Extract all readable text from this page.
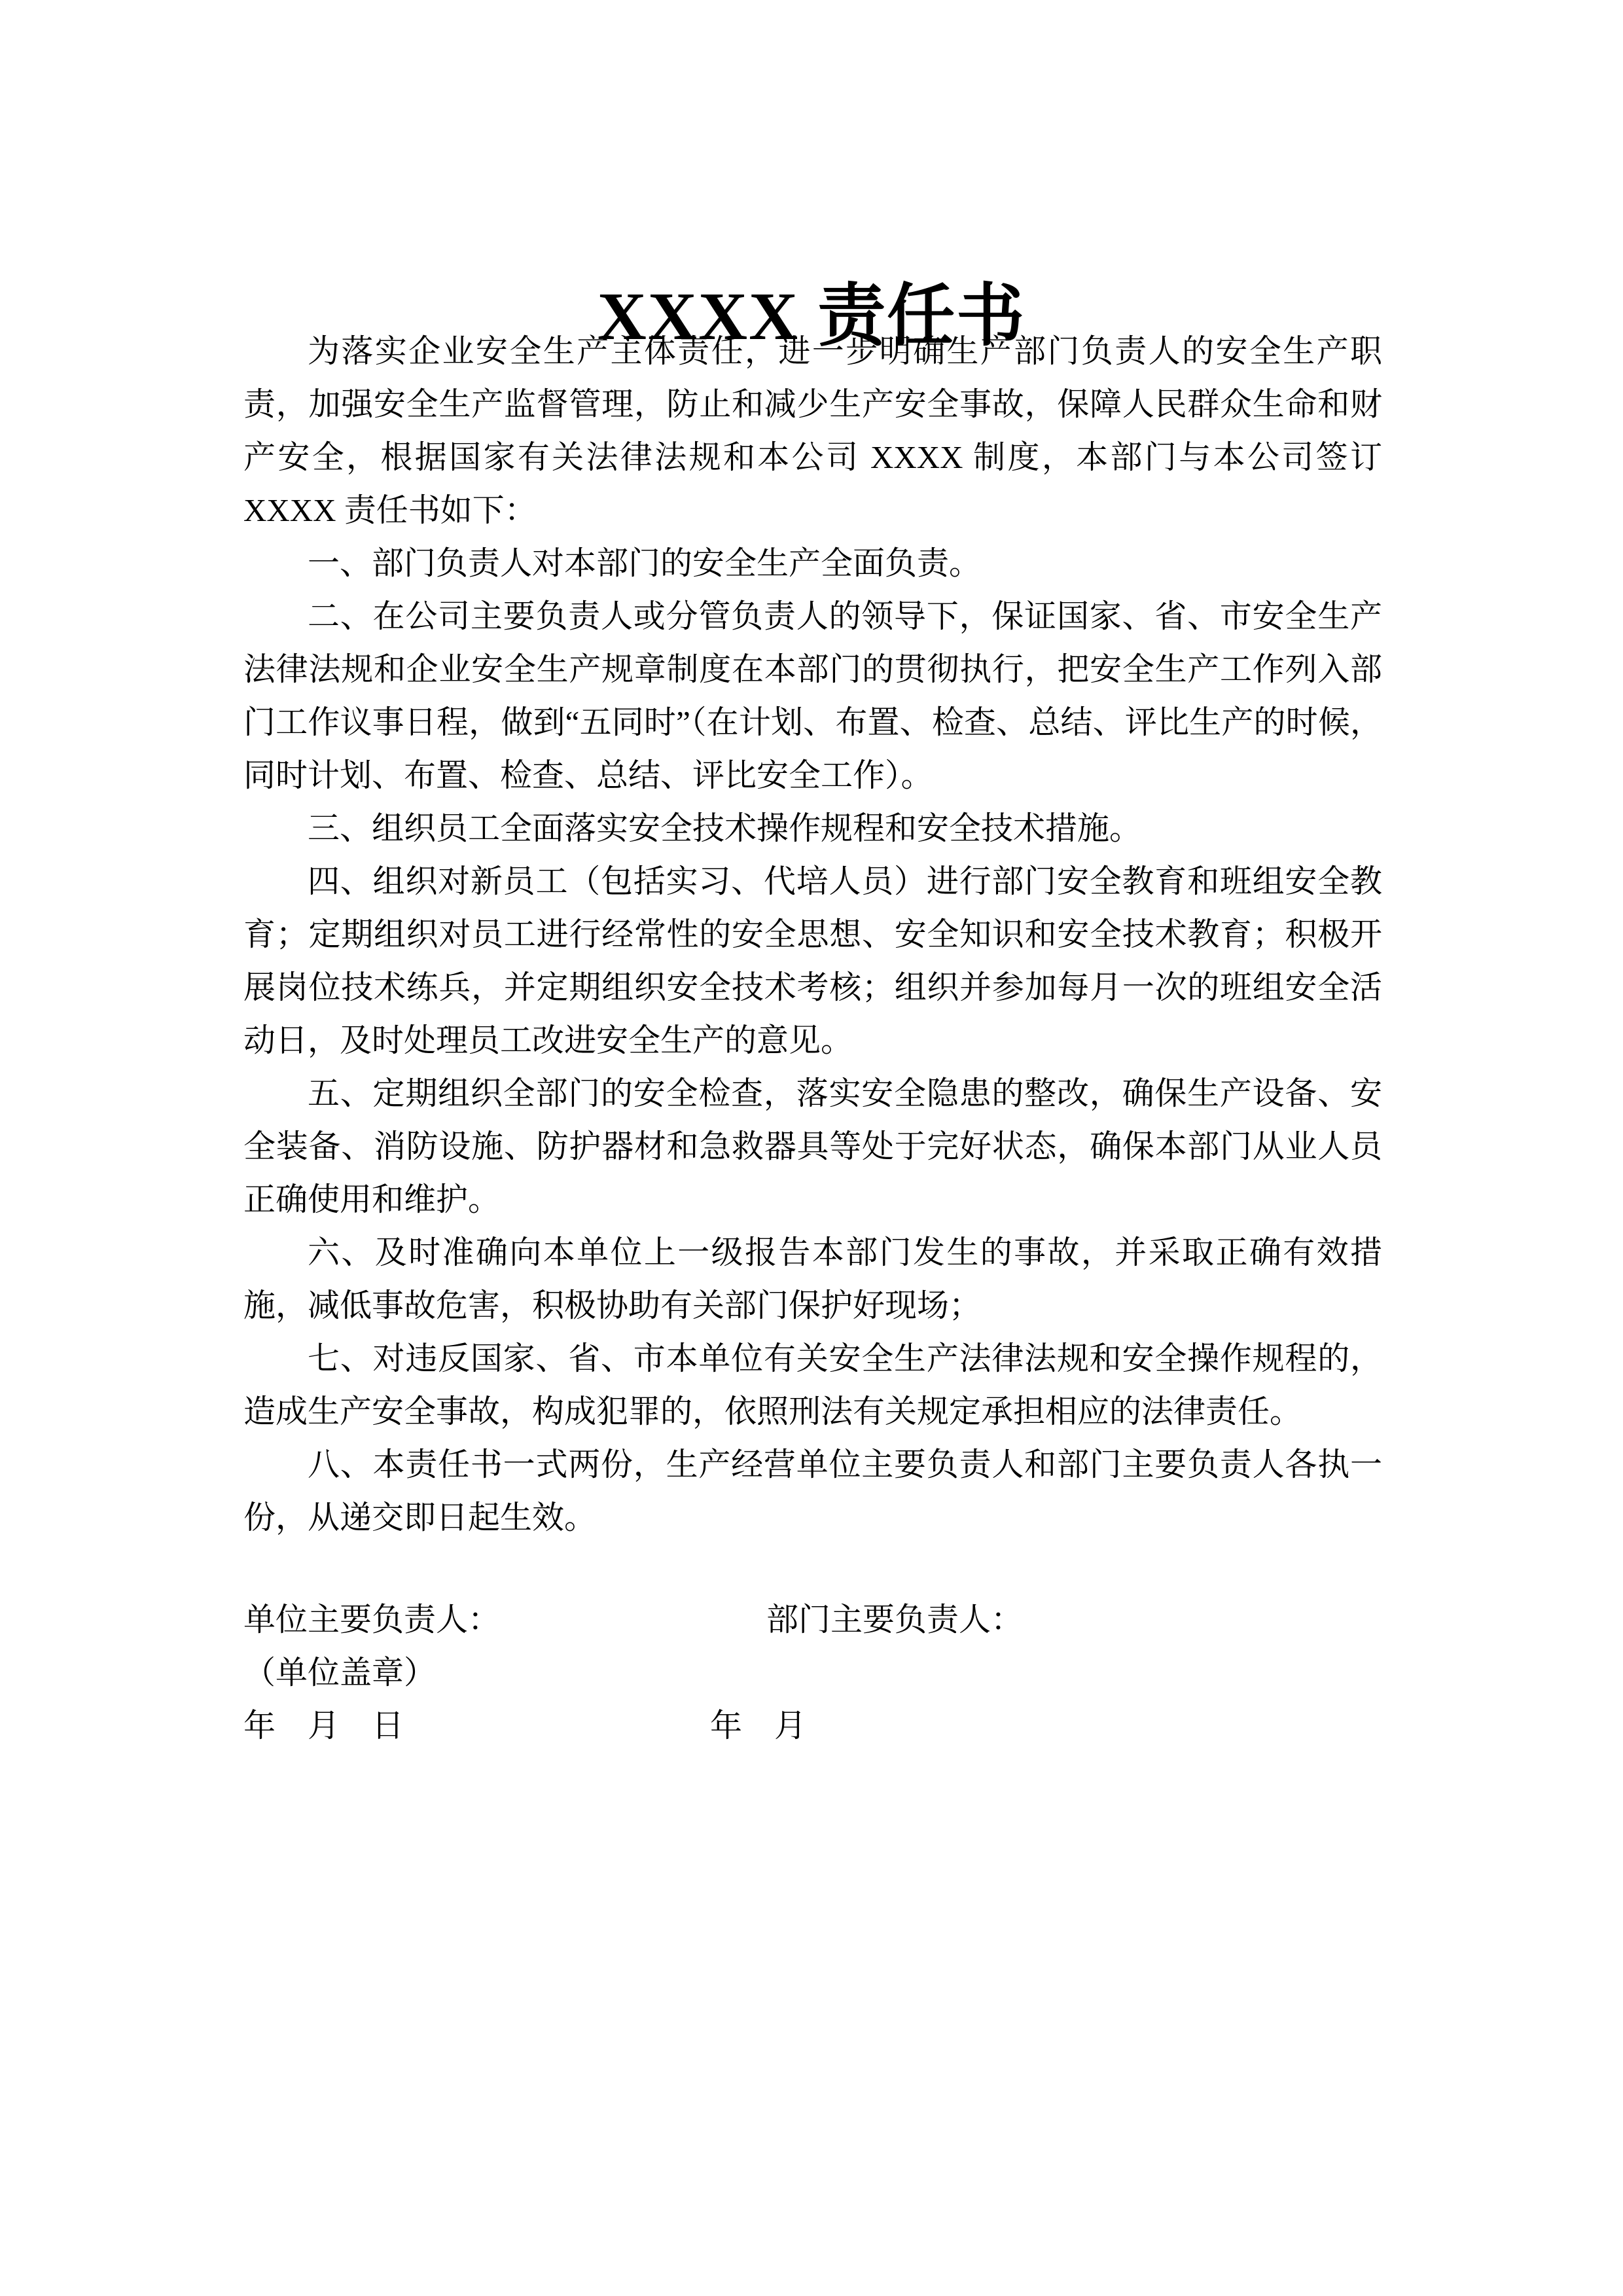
XXXX 责任书

为落实企业安全生产主体责任，进一步明确生产部门负责人的安全生产职责，加强安全生产监督管理，防止和减少生产安全事故，保障人民群众生命和财产安全，根据国家有关法律法规和本公司 XXXX 制度，本部门与本公司签订 XXXX 责任书如下：

一、部门负责人对本部门的安全生产全面负责。

二、在公司主要负责人或分管负责人的领导下，保证国家、省、市安全生产法律法规和企业安全生产规章制度在本部门的贯彻执行，把安全生产工作列入部门工作议事日程，做到“五同时”（在计划、布置、检查、总结、评比生产的时候，同时计划、布置、检查、总结、评比安全工作）。

三、组织员工全面落实安全技术操作规程和安全技术措施。

四、组织对新员工（包括实习、代培人员）进行部门安全教育和班组安全教育；定期组织对员工进行经常性的安全思想、安全知识和安全技术教育；积极开展岗位技术练兵，并定期组织安全技术考核；组织并参加每月一次的班组安全活动日，及时处理员工改进安全生产的意见。

五、定期组织全部门的安全检查，落实安全隐患的整改，确保生产设备、安全装备、消防设施、防护器材和急救器具等处于完好状态，确保本部门从业人员正确使用和维护。

六、及时准确向本单位上一级报告本部门发生的事故，并采取正确有效措施，减低事故危害，积极协助有关部门保护好现场；

七、对违反国家、省、市本单位有关安全生产法律法规和安全操作规程的，造成生产安全事故，构成犯罪的，依照刑法有关规定承担相应的法律责任。

八、本责任书一式两份，生产经营单位主要负责人和部门主要负责人各执一份，从递交即日起生效。

单位主要负责人：	部门主要负责人：
（单位盖章）
年　月　日	年　月
